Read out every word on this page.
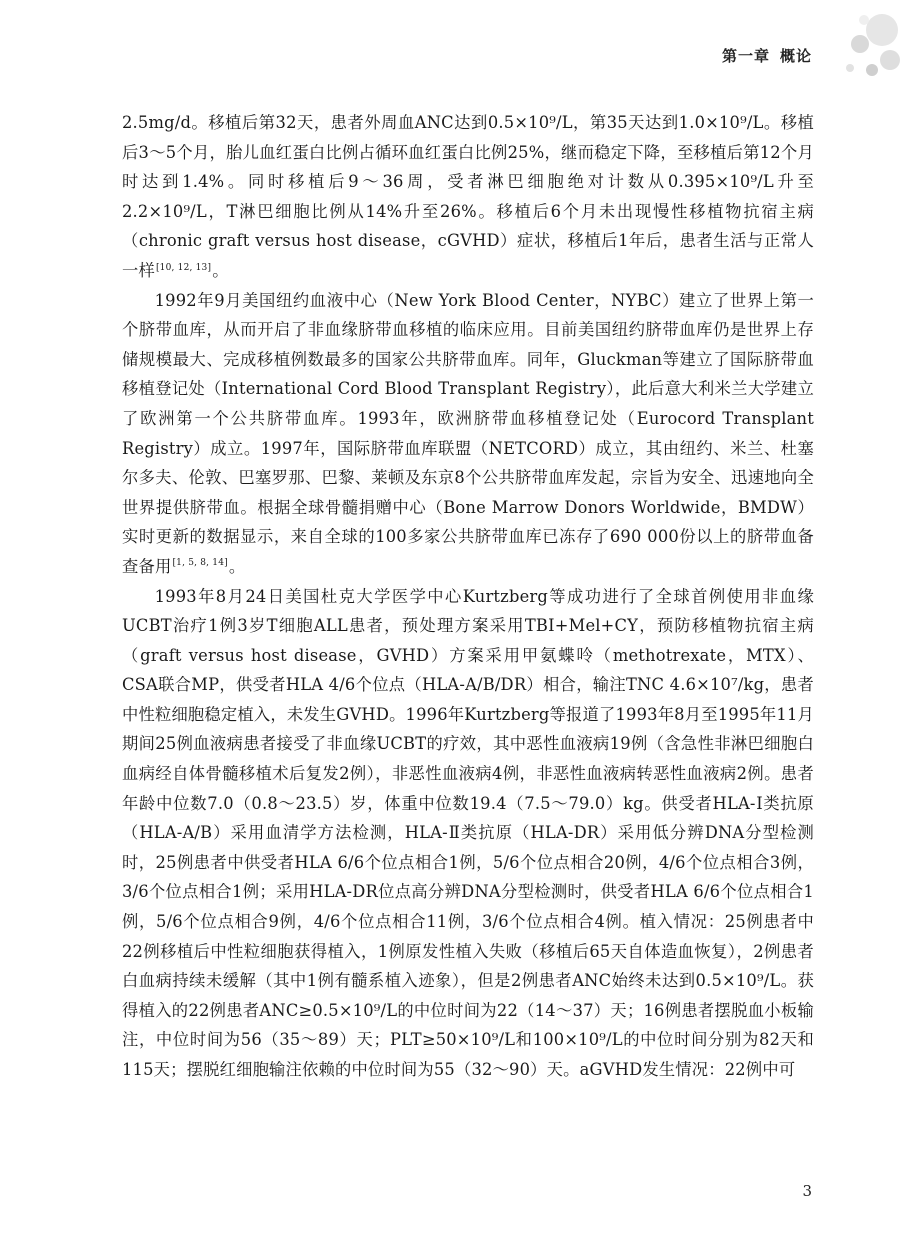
第一章 概论

2.5mg/d。移植后第32天，患者外周血ANC达到0.5×10⁹/L，第35天达到1.0×10⁹/L。移植后3～5个月，胎儿血红蛋白比例占循环血红蛋白比例25%，继而稳定下降，至移植后第12个月时达到1.4%。同时移植后9～36周，受者淋巴细胞绝对计数从0.395×10⁹/L升至2.2×10⁹/L，T淋巴细胞比例从14%升至26%。移植后6个月未出现慢性移植物抗宿主病（chronic graft versus host disease，cGVHD）症状，移植后1年后，患者生活与正常人一样[10, 12, 13]。

1992年9月美国纽约血液中心（New York Blood Center，NYBC）建立了世界上第一个脐带血库，从而开启了非血缘脐带血移植的临床应用。目前美国纽约脐带血库仍是世界上存储规模最大、完成移植例数最多的国家公共脐带血库。同年，Gluckman等建立了国际脐带血移植登记处（International Cord Blood Transplant Registry），此后意大利米兰大学建立了欧洲第一个公共脐带血库。1993年，欧洲脐带血移植登记处（Eurocord Transplant Registry）成立。1997年，国际脐带血库联盟（NETCORD）成立，其由纽约、米兰、杜塞尔多夫、伦敦、巴塞罗那、巴黎、莱顿及东京8个公共脐带血库发起，宗旨为安全、迅速地向全世界提供脐带血。根据全球骨髓捐赠中心（Bone Marrow Donors Worldwide，BMDW）实时更新的数据显示，来自全球的100多家公共脐带血库已冻存了690 000份以上的脐带血备查备用[1, 5, 8, 14]。

1993年8月24日美国杜克大学医学中心Kurtzberg等成功进行了全球首例使用非血缘UCBT治疗1例3岁T细胞ALL患者，预处理方案采用TBI+Mel+CY，预防移植物抗宿主病（graft versus host disease，GVHD）方案采用甲氨蝶呤（methotrexate，MTX）、CSA联合MP，供受者HLA 4/6个位点（HLA-A/B/DR）相合，输注TNC 4.6×10⁷/kg，患者中性粒细胞稳定植入，未发生GVHD。1996年Kurtzberg等报道了1993年8月至1995年11月期间25例血液病患者接受了非血缘UCBT的疗效，其中恶性血液病19例（含急性非淋巴细胞白血病经自体骨髓移植术后复发2例），非恶性血液病4例，非恶性血液病转恶性血液病2例。患者年龄中位数7.0（0.8～23.5）岁，体重中位数19.4（7.5～79.0）kg。供受者HLA-Ⅰ类抗原（HLA-A/B）采用血清学方法检测，HLA-Ⅱ类抗原（HLA-DR）采用低分辨DNA分型检测时，25例患者中供受者HLA 6/6个位点相合1例，5/6个位点相合20例，4/6个位点相合3例，3/6个位点相合1例；采用HLA-DR位点高分辨DNA分型检测时，供受者HLA 6/6个位点相合1例，5/6个位点相合9例，4/6个位点相合11例，3/6个位点相合4例。植入情况：25例患者中22例移植后中性粒细胞获得植入，1例原发性植入失败（移植后65天自体造血恢复），2例患者白血病持续未缓解（其中1例有髓系植入迹象），但是2例患者ANC始终未达到0.5×10⁹/L。获得植入的22例患者ANC≥0.5×10⁹/L的中位时间为22（14～37）天；16例患者摆脱血小板输注，中位时间为56（35～89）天；PLT≥50×10⁹/L和100×10⁹/L的中位时间分别为82天和115天；摆脱红细胞输注依赖的中位时间为55（32～90）天。aGVHD发生情况：22例中可

3
